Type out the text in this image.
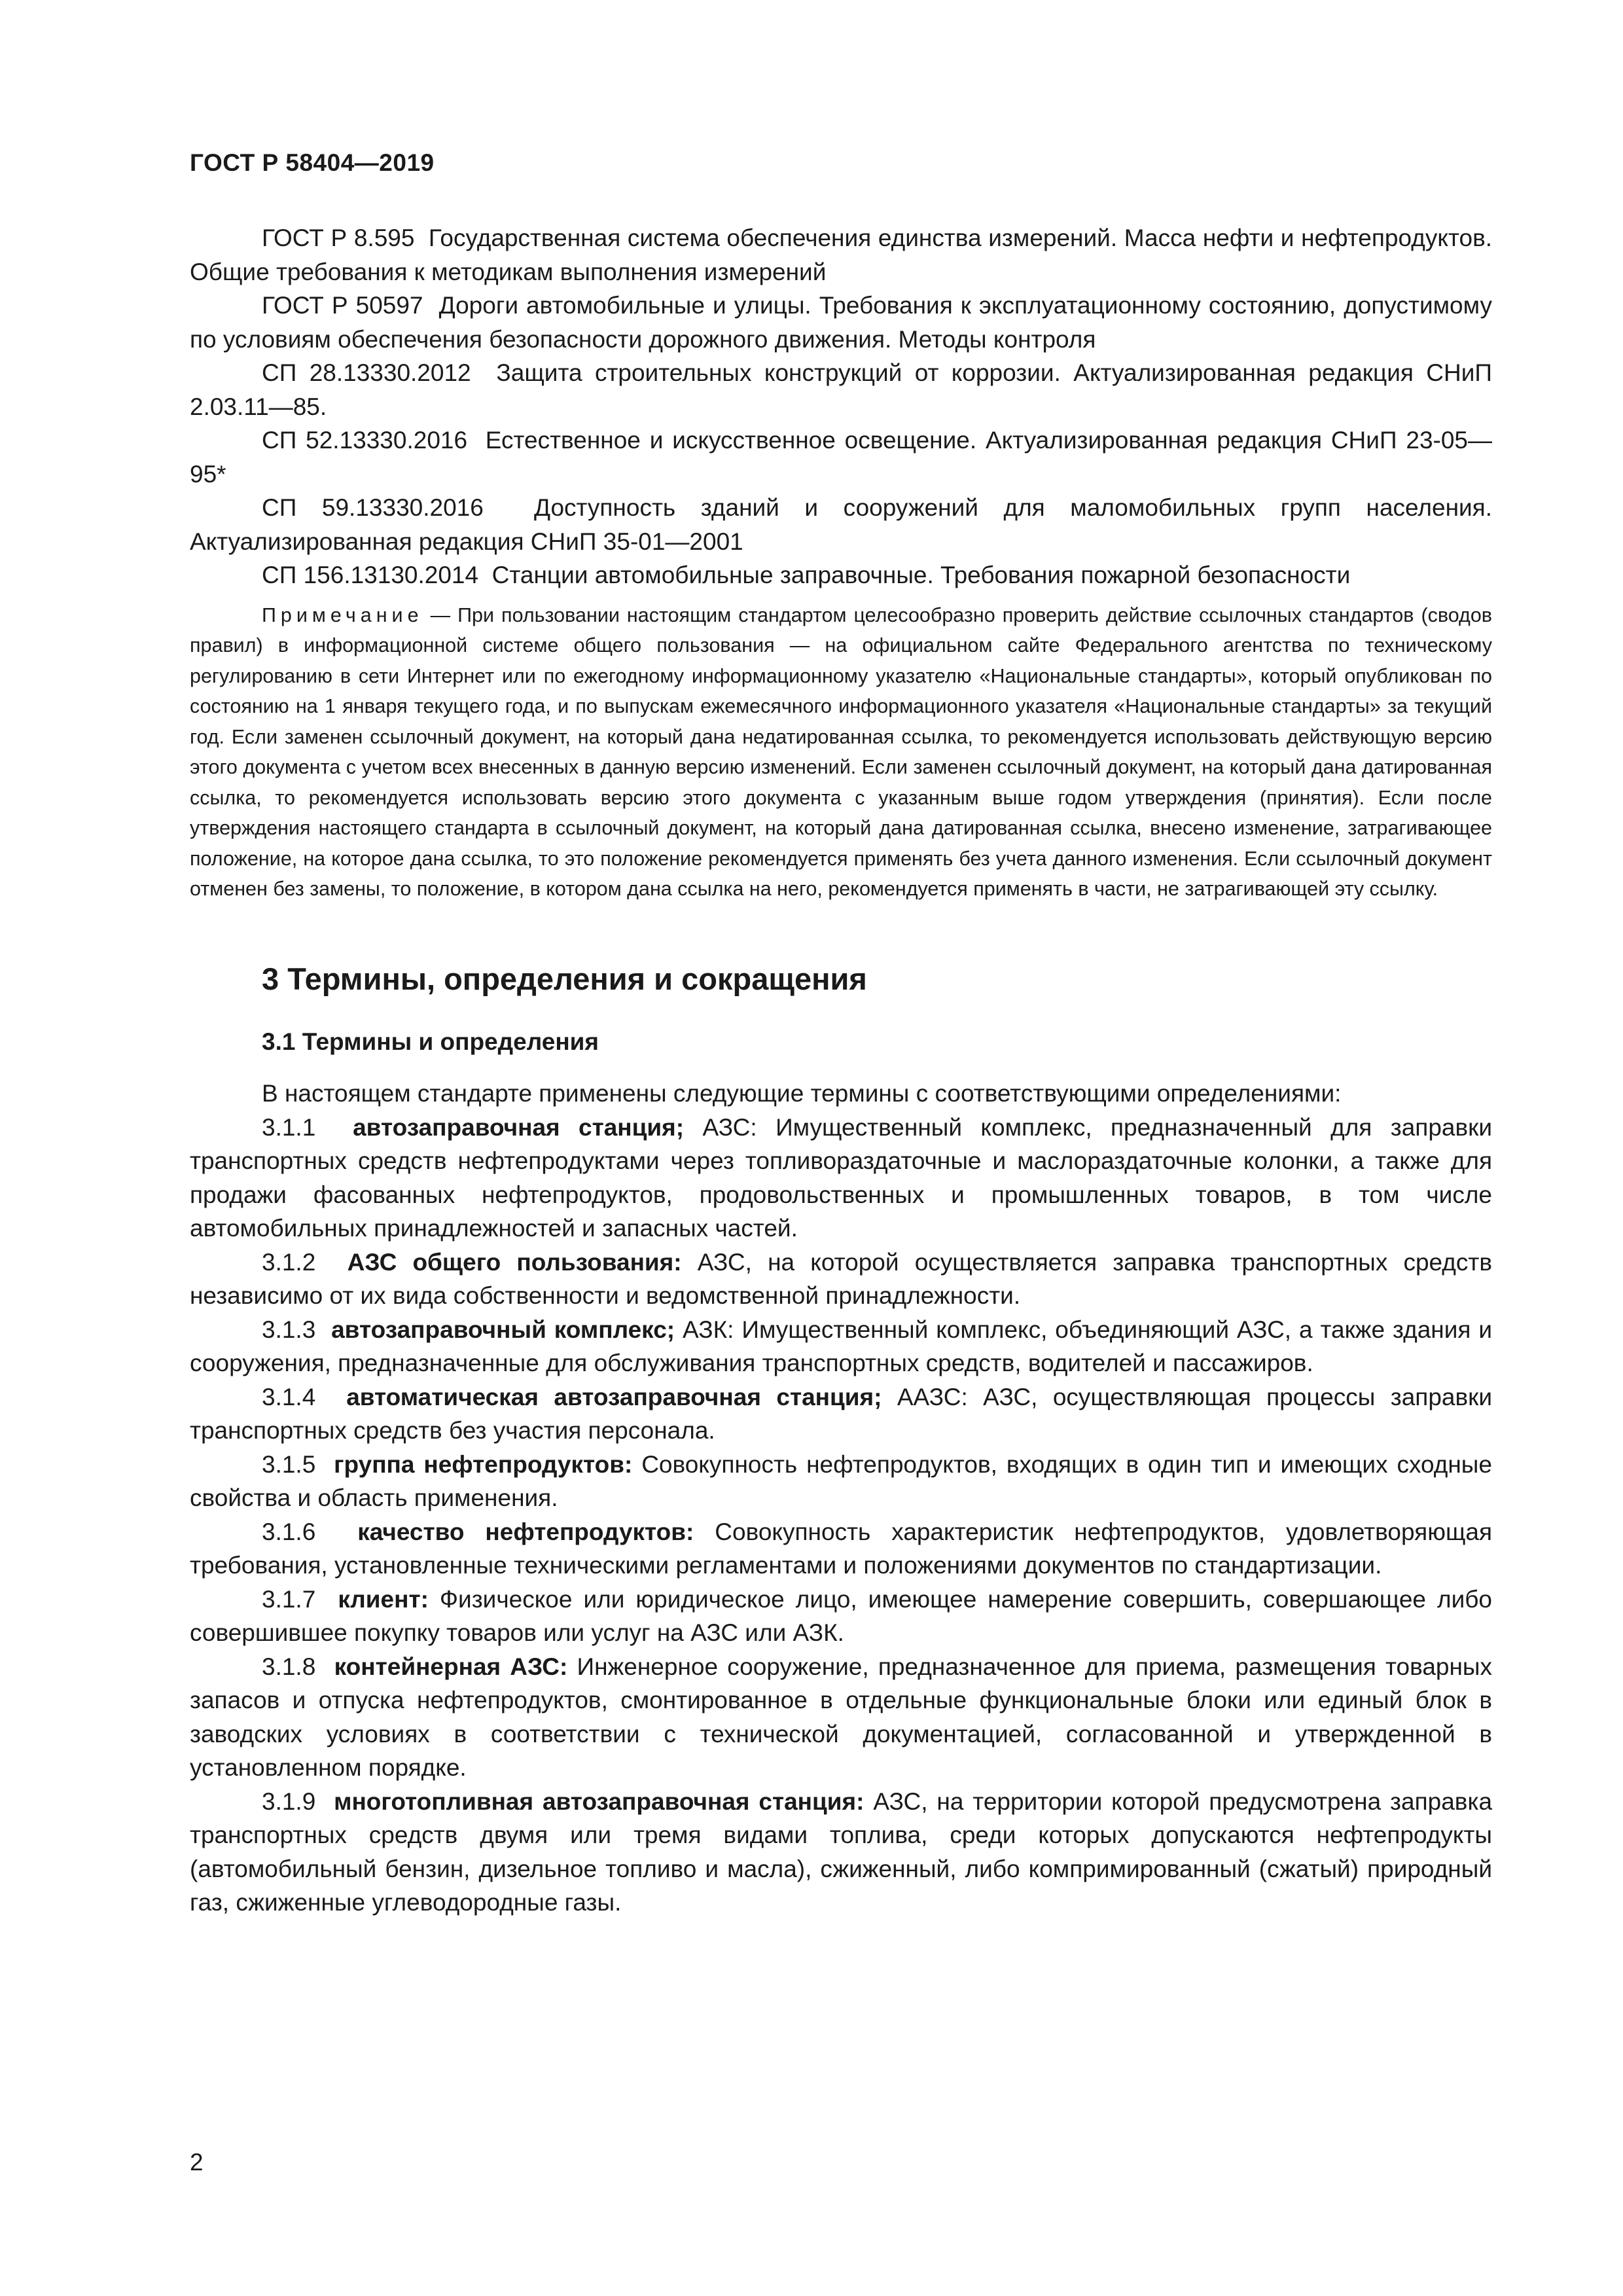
ГОСТ Р 58404—2019

ГОСТ Р 8.595 Государственная система обеспечения единства измерений. Масса нефти и нефтепродуктов. Общие требования к методикам выполнения измерений

ГОСТ Р 50597 Дороги автомобильные и улицы. Требования к эксплуатационному состоянию, допустимому по условиям обеспечения безопасности дорожного движения. Методы контроля

СП 28.13330.2012 Защита строительных конструкций от коррозии. Актуализированная редакция СНиП 2.03.11—85.

СП 52.13330.2016 Естественное и искусственное освещение. Актуализированная редакция СНиП 23-05—95*

СП 59.13330.2016 Доступность зданий и сооружений для маломобильных групп населения. Актуализированная редакция СНиП 35-01—2001

СП 156.13130.2014 Станции автомобильные заправочные. Требования пожарной безопасности

Примечание — При пользовании настоящим стандартом целесообразно проверить действие ссылочных стандартов (сводов правил) в информационной системе общего пользования — на официальном сайте Федерального агентства по техническому регулированию в сети Интернет или по ежегодному информационному указателю «Национальные стандарты», который опубликован по состоянию на 1 января текущего года, и по выпускам ежемесячного информационного указателя «Национальные стандарты» за текущий год. Если заменен ссылочный документ, на который дана недатированная ссылка, то рекомендуется использовать действующую версию этого документа с учетом всех внесенных в данную версию изменений. Если заменен ссылочный документ, на который дана датированная ссылка, то рекомендуется использовать версию этого документа с указанным выше годом утверждения (принятия). Если после утверждения настоящего стандарта в ссылочный документ, на который дана датированная ссылка, внесено изменение, затрагивающее положение, на которое дана ссылка, то это положение рекомендуется применять без учета данного изменения. Если ссылочный документ отменен без замены, то положение, в котором дана ссылка на него, рекомендуется применять в части, не затрагивающей эту ссылку.

3 Термины, определения и сокращения
3.1 Термины и определения

В настоящем стандарте применены следующие термины с соответствующими определениями:

3.1.1 автозаправочная станция; АЗС: Имущественный комплекс, предназначенный для заправки транспортных средств нефтепродуктами через топливораздаточные и маслораздаточные колонки, а также для продажи фасованных нефтепродуктов, продовольственных и промышленных товаров, в том числе автомобильных принадлежностей и запасных частей.

3.1.2 АЗС общего пользования: АЗС, на которой осуществляется заправка транспортных средств независимо от их вида собственности и ведомственной принадлежности.

3.1.3 автозаправочный комплекс; АЗК: Имущественный комплекс, объединяющий АЗС, а также здания и сооружения, предназначенные для обслуживания транспортных средств, водителей и пассажиров.

3.1.4 автоматическая автозаправочная станция; ААЗС: АЗС, осуществляющая процессы заправки транспортных средств без участия персонала.

3.1.5 группа нефтепродуктов: Совокупность нефтепродуктов, входящих в один тип и имеющих сходные свойства и область применения.

3.1.6 качество нефтепродуктов: Совокупность характеристик нефтепродуктов, удовлетворяющая требования, установленные техническими регламентами и положениями документов по стандартизации.

3.1.7 клиент: Физическое или юридическое лицо, имеющее намерение совершить, совершающее либо совершившее покупку товаров или услуг на АЗС или АЗК.

3.1.8 контейнерная АЗС: Инженерное сооружение, предназначенное для приема, размещения товарных запасов и отпуска нефтепродуктов, смонтированное в отдельные функциональные блоки или единый блок в заводских условиях в соответствии с технической документацией, согласованной и утвержденной в установленном порядке.

3.1.9 многотопливная автозаправочная станция: АЗС, на территории которой предусмотрена заправка транспортных средств двумя или тремя видами топлива, среди которых допускаются нефтепродукты (автомобильный бензин, дизельное топливо и масла), сжиженный, либо компримированный (сжатый) природный газ, сжиженные углеводородные газы.

2
